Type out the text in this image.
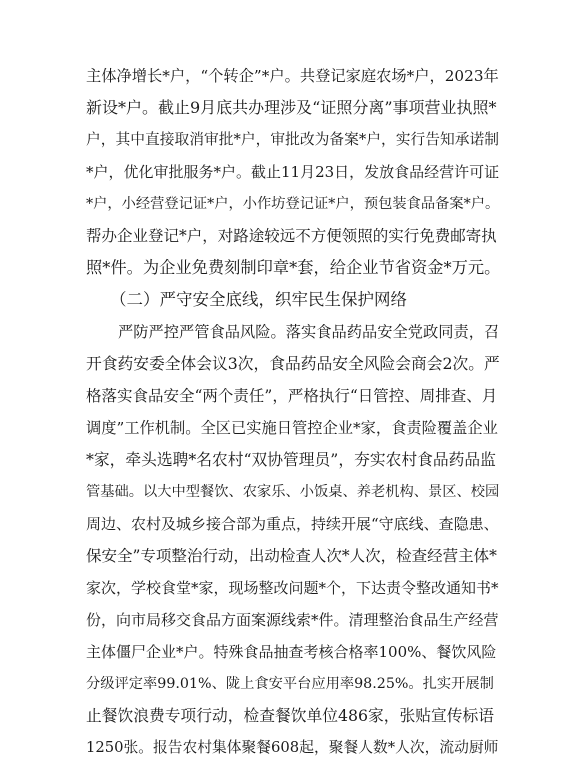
主体净增长*户，“个转企”*户。共登记家庭农场*户，2023年
新设*户。截止9月底共办理涉及“证照分离”事项营业执照*
户，其中直接取消审批*户，审批改为备案*户，实行告知承诺制
*户，优化审批服务*户。截止11月23日，发放食品经营许可证
*户，小经营登记证*户，小作坊登记证*户，预包装食品备案*户。
帮办企业登记*户，对路途较远不方便领照的实行免费邮寄执
照*件。为企业免费刻制印章*套，给企业节省资金*万元。
（二）严守安全底线，织牢民生保护网络
严防严控严管食品风险。落实食品药品安全党政同责，召
开食药安委全体会议3次，食品药品安全风险会商会2次。严
格落实食品安全“两个责任”，严格执行“日管控、周排查、月
调度”工作机制。全区已实施日管控企业*家，食责险覆盖企业
*家，牵头选聘*名农村“双协管理员”，夯实农村食品药品监
管基础。以大中型餐饮、农家乐、小饭桌、养老机构、景区、校园
周边、农村及城乡接合部为重点，持续开展“守底线、查隐患、
保安全”专项整治行动，出动检查人次*人次，检查经营主体*
家次，学校食堂*家，现场整改问题*个，下达责令整改通知书*
份，向市局移交食品方面案源线索*件。清理整治食品生产经营
主体僵尸企业*户。特殊食品抽查考核合格率100%、餐饮风险
分级评定率99.01%、陇上食安平台应用率98.25%。扎实开展制
止餐饮浪费专项行动，检查餐饮单位486家，张贴宣传标语
1250张。报告农村集体聚餐608起，聚餐人数*人次，流动厨师
